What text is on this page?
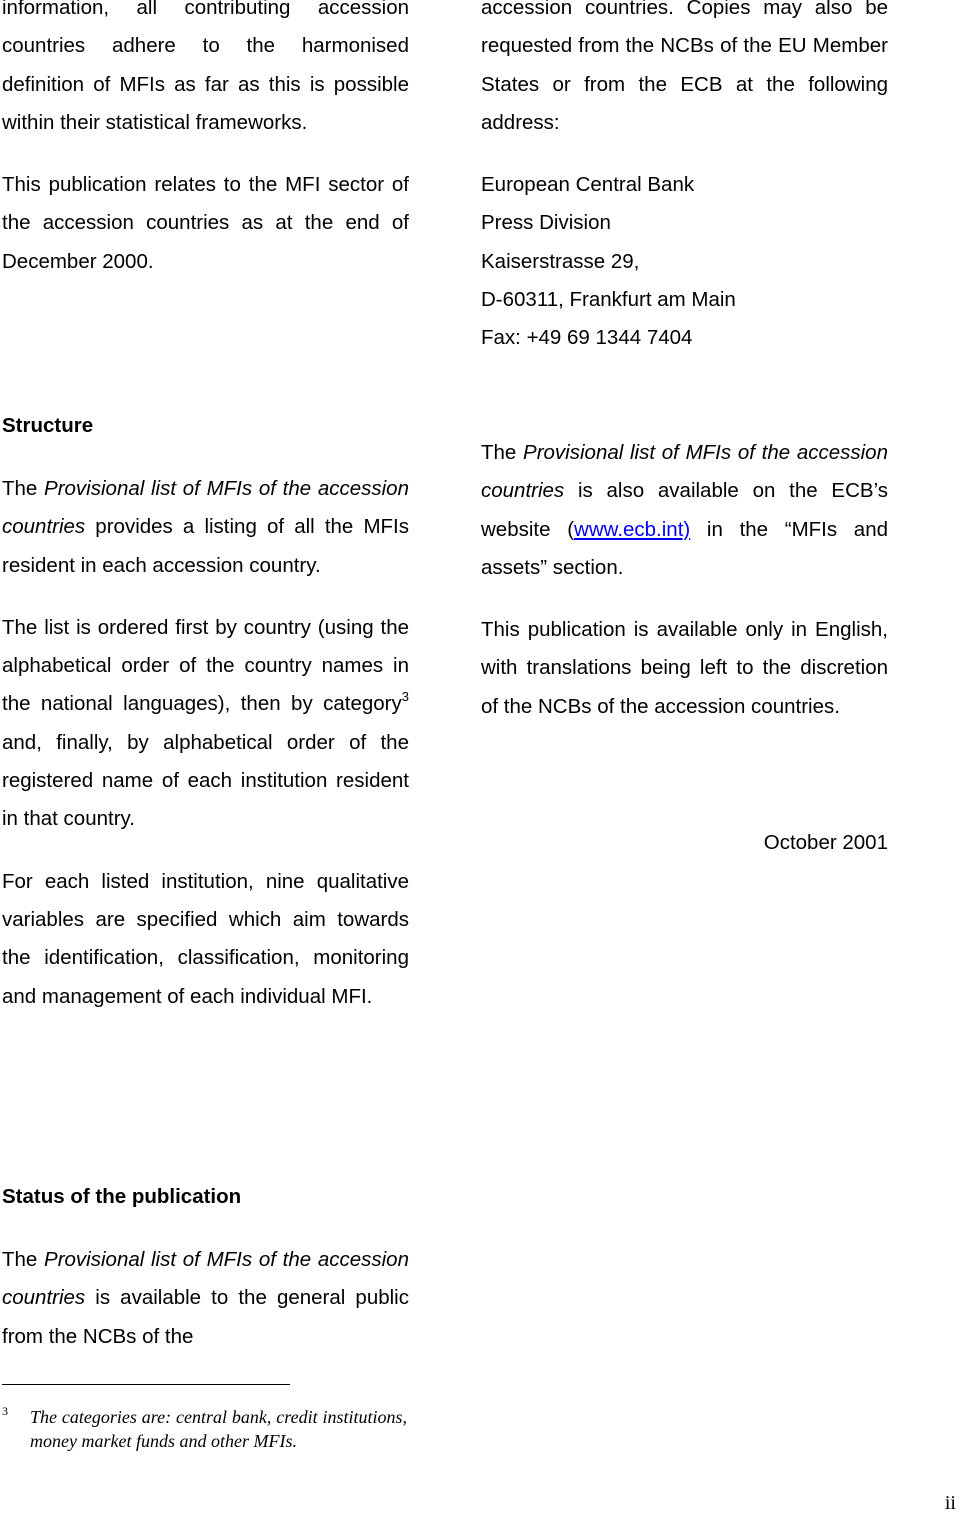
information, all contributing accession countries adhere to the harmonised definition of MFIs as far as this is possible within their statistical frameworks.

This publication relates to the MFI sector of the accession countries as at the end of December 2000.

Structure

The Provisional list of MFIs of the accession countries provides a listing of all the MFIs resident in each accession country.

The list is ordered first by country (using the alphabetical order of the country names in the national languages), then by category$^3$ and, finally, by alphabetical order of the registered name of each institution resident in that country.

For each listed institution, nine qualitative variables are specified which aim towards the identification, classification, monitoring and management of each individual MFI.

Status of the publication

The Provisional list of MFIs of the accession countries is available to the general public from the NCBs of the

accession countries. Copies may also be requested from the NCBs of the EU Member States or from the ECB at the following address:

European Central Bank
Press Division
Kaiserstrasse 29,
D-60311, Frankfurt am Main
Fax: +49 69 1344 7404

The Provisional list of MFIs of the accession countries is also available on the ECB’s website (www.ecb.int) in the “MFIs and assets” section.

This publication is available only in English, with translations being left to the discretion of the NCBs of the accession countries.

October 2001
3 The categories are: central bank, credit institutions, money market funds and other MFIs.

ii
